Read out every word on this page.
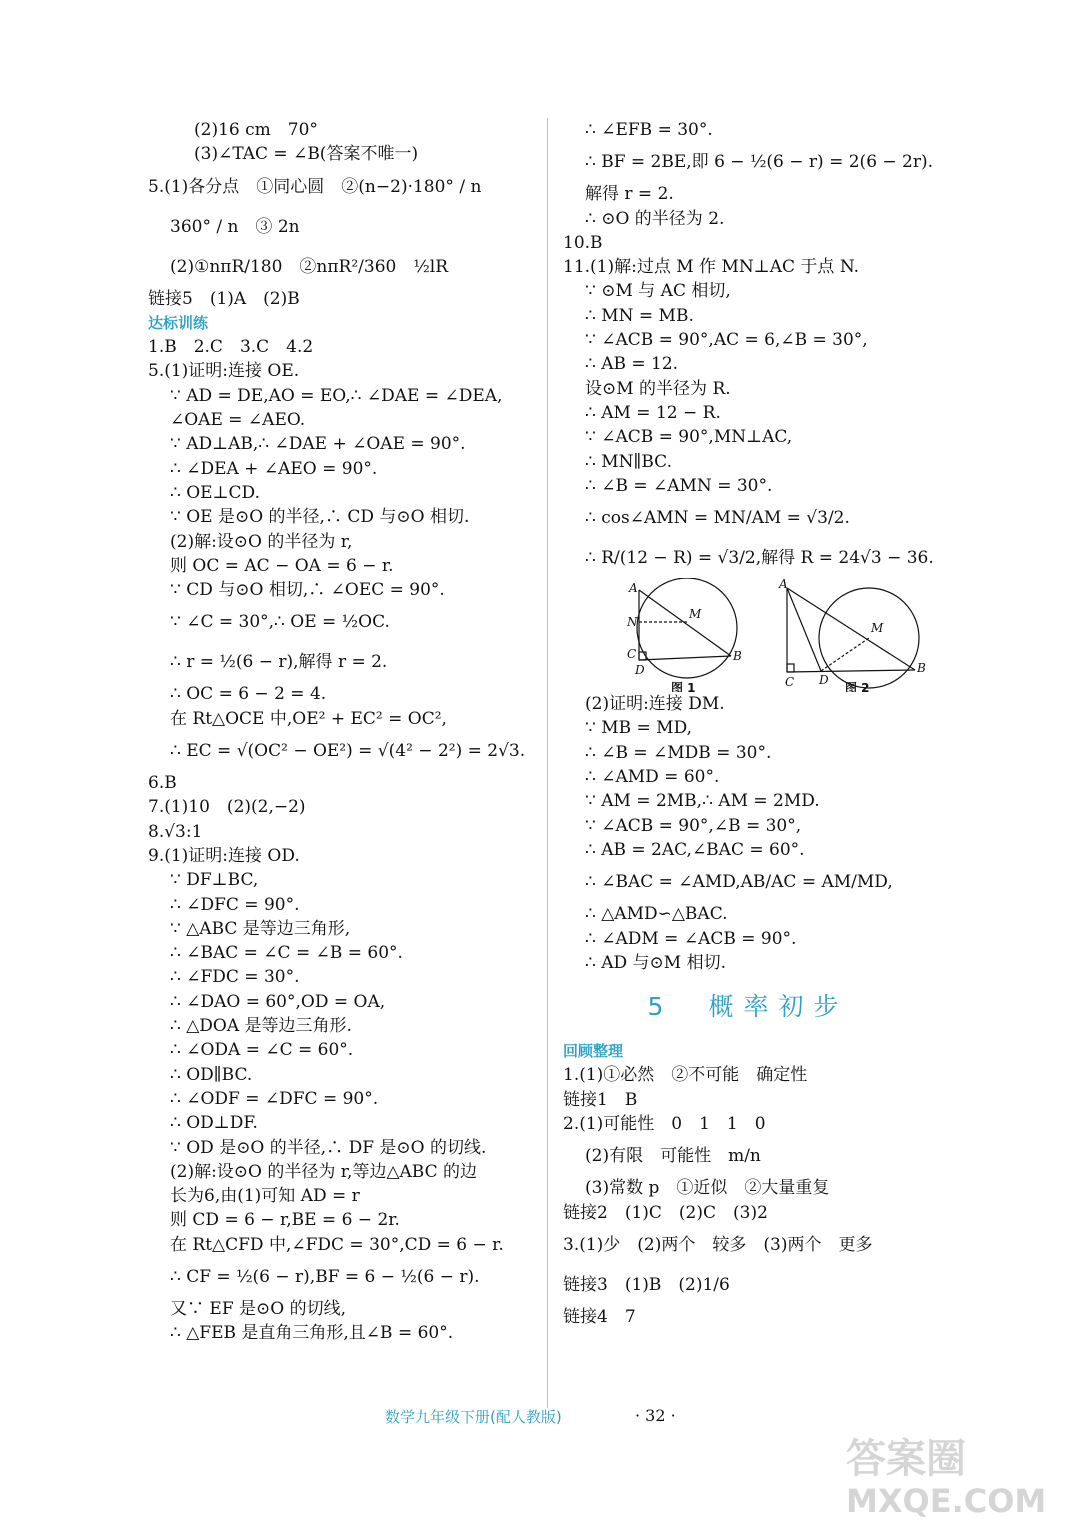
(2)16 cm　70°
(3)∠TAC = ∠B(答案不唯一)
5.(1)各分点　①同心圆　②(n−2)·180° / n
360° / n　③ 2n
(2)①nπR/180　②nπR²/360　½lR
链接5　(1)A　(2)B
达标训练
1.B　2.C　3.C　4.2
5.(1)证明:连接 OE.
∵ AD = DE,AO = EO,∴ ∠DAE = ∠DEA,
∠OAE = ∠AEO.
∵ AD⊥AB,∴ ∠DAE + ∠OAE = 90°.
∴ ∠DEA + ∠AEO = 90°.
∴ OE⊥CD.
∵ OE 是⊙O 的半径,∴ CD 与⊙O 相切.
(2)解:设⊙O 的半径为 r,
则 OC = AC − OA = 6 − r.
∵ CD 与⊙O 相切,∴ ∠OEC = 90°.
∵ ∠C = 30°,∴ OE = ½OC.
∴ r = ½(6 − r),解得 r = 2.
∴ OC = 6 − 2 = 4.
在 Rt△OCE 中,OE² + EC² = OC²,
∴ EC = √(OC² − OE²) = √(4² − 2²) = 2√3.
6.B
7.(1)10　(2)(2,−2)
8.√3:1
9.(1)证明:连接 OD.
∵ DF⊥BC,
∴ ∠DFC = 90°.
∵ △ABC 是等边三角形,
∴ ∠BAC = ∠C = ∠B = 60°.
∴ ∠FDC = 30°.
∴ ∠DAO = 60°,OD = OA,
∴ △DOA 是等边三角形.
∴ ∠ODA = ∠C = 60°.
∴ OD∥BC.
∴ ∠ODF = ∠DFC = 90°.
∴ OD⊥DF.
∵ OD 是⊙O 的半径,∴ DF 是⊙O 的切线.
(2)解:设⊙O 的半径为 r,等边△ABC 的边
长为6,由(1)可知 AD = r
则 CD = 6 − r,BE = 6 − 2r.
在 Rt△CFD 中,∠FDC = 30°,CD = 6 − r.
∴ CF = ½(6 − r),BF = 6 − ½(6 − r).
又∵ EF 是⊙O 的切线,
∴ △FEB 是直角三角形,且∠B = 60°.
∴ ∠EFB = 30°.
∴ BF = 2BE,即 6 − ½(6 − r) = 2(6 − 2r).
解得 r = 2.
∴ ⊙O 的半径为 2.
10.B
11.(1)解:过点 M 作 MN⊥AC 于点 N.
∵ ⊙M 与 AC 相切,
∴ MN = MB.
∵ ∠ACB = 90°,AC = 6,∠B = 30°,
∴ AB = 12.
设⊙M 的半径为 R.
∴ AM = 12 − R.
∵ ∠ACB = 90°,MN⊥AC,
∴ MN∥BC.
∴ ∠B = ∠AMN = 30°.
∴ cos∠AMN = MN/AM = √3/2.
∴ R/(12 − R) = √3/2,解得 R = 24√3 − 36.
A
N
M
C
D
B
A
M
C D
B
图 1	图 2
(2)证明:连接 DM.
∵ MB = MD,
∴ ∠B = ∠MDB = 30°.
∴ ∠AMD = 60°.
∵ AM = 2MB,∴ AM = 2MD.
∵ ∠ACB = 90°,∠B = 30°,
∴ AB = 2AC,∠BAC = 60°.
∴ ∠BAC = ∠AMD,AB/AC = AM/MD,
∴ △AMD∽△BAC.
∴ ∠ADM = ∠ACB = 90°.
∴ AD 与⊙M 相切.
5　概率初步
回顾整理
1.(1)①必然　②不可能　确定性
链接1　B
2.(1)可能性　0　1　1　0
(2)有限　可能性　m/n
(3)常数 p　①近似　②大量重复
链接2　(1)C　(2)C　(3)2
3.(1)少　(2)两个　较多　(3)两个　更多
链接3　(1)B　(2)1/6
链接4　7
数学九年级下册(配人教版)	· 32 ·
答案圈
MXQE.COM
